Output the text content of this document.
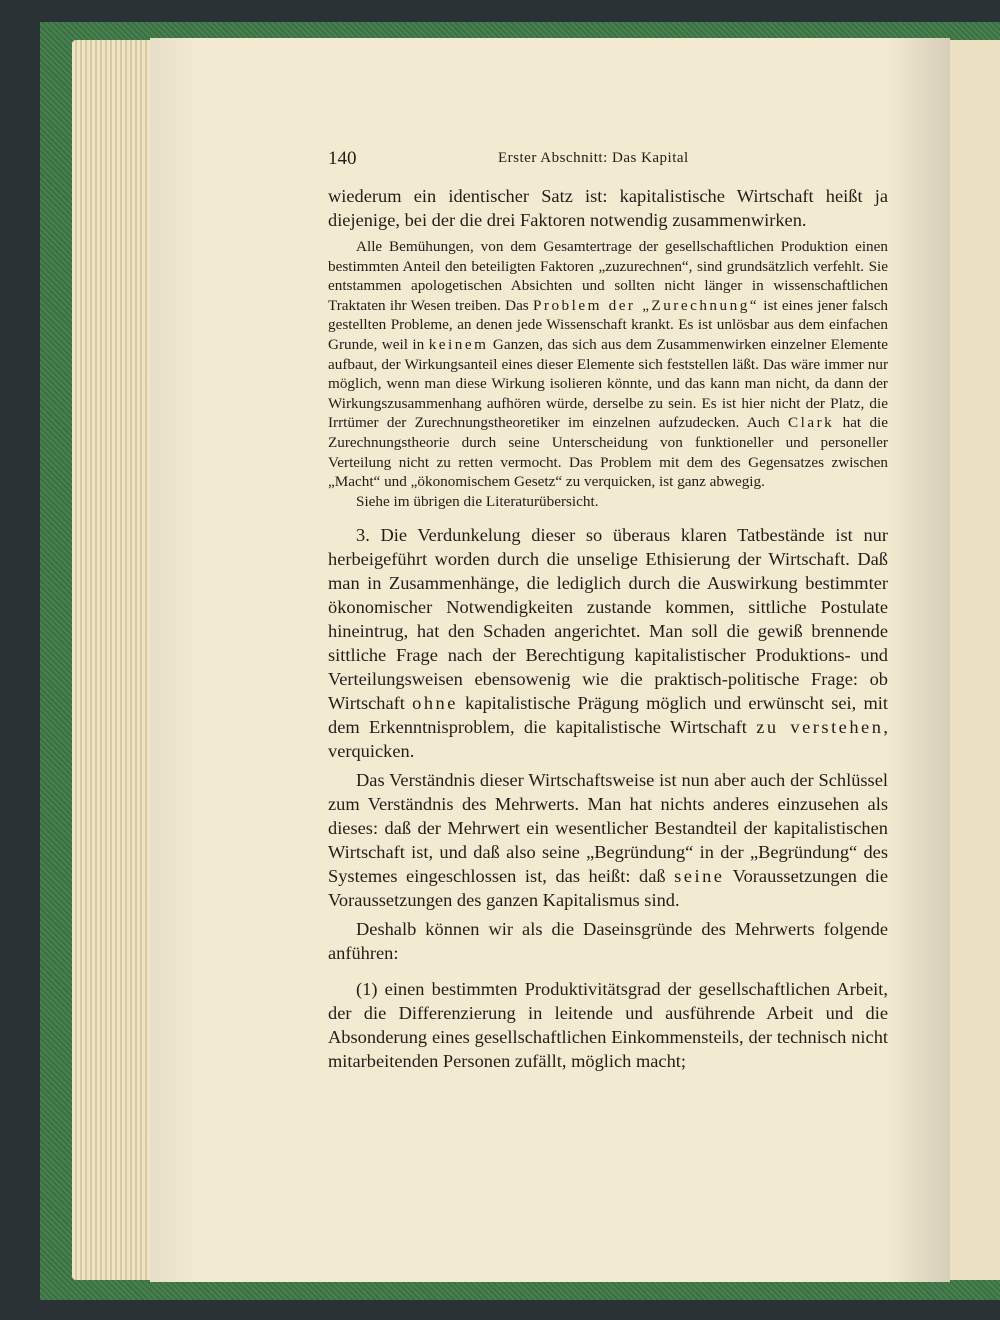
140	Erster Abschnitt: Das Kapital

wiederum ein identischer Satz ist: kapitalistische Wirtschaft heißt ja diejenige, bei der die drei Faktoren notwendig zusammenwirken.

Alle Bemühungen, von dem Gesamtertrage der gesellschaftlichen Produktion einen bestimmten Anteil den beteiligten Faktoren „zuzurechnen“, sind grundsätzlich verfehlt. Sie entstammen apologetischen Absichten und sollten nicht länger in wissenschaftlichen Traktaten ihr Wesen treiben. Das Problem der „Zurechnung“ ist eines jener falsch gestellten Probleme, an denen jede Wissenschaft krankt. Es ist unlösbar aus dem einfachen Grunde, weil in keinem Ganzen, das sich aus dem Zusammenwirken einzelner Elemente aufbaut, der Wirkungsanteil eines dieser Elemente sich feststellen läßt. Das wäre immer nur möglich, wenn man diese Wirkung isolieren könnte, und das kann man nicht, da dann der Wirkungszusammenhang aufhören würde, derselbe zu sein. Es ist hier nicht der Platz, die Irrtümer der Zurechnungstheoretiker im einzelnen aufzudecken. Auch Clark hat die Zurechnungstheorie durch seine Unterscheidung von funktioneller und personeller Verteilung nicht zu retten vermocht. Das Problem mit dem des Gegensatzes zwischen „Macht“ und „ökonomischem Gesetz“ zu verquicken, ist ganz abwegig.

Siehe im übrigen die Literaturübersicht.

3. Die Verdunkelung dieser so überaus klaren Tatbestände ist nur herbeigeführt worden durch die unselige Ethisierung der Wirtschaft. Daß man in Zusammenhänge, die lediglich durch die Auswirkung bestimmter ökonomischer Notwendigkeiten zustande kommen, sittliche Postulate hineintrug, hat den Schaden angerichtet. Man soll die gewiß brennende sittliche Frage nach der Berechtigung kapitalistischer Produktions- und Verteilungsweisen ebensowenig wie die praktisch-politische Frage: ob Wirtschaft ohne kapitalistische Prägung möglich und erwünscht sei, mit dem Erkenntnisproblem, die kapitalistische Wirtschaft zu verstehen, verquicken.

Das Verständnis dieser Wirtschaftsweise ist nun aber auch der Schlüssel zum Verständnis des Mehrwerts. Man hat nichts anderes einzusehen als dieses: daß der Mehrwert ein wesentlicher Bestandteil der kapitalistischen Wirtschaft ist, und daß also seine „Begründung“ in der „Begründung“ des Systemes eingeschlossen ist, das heißt: daß seine Voraussetzungen die Voraussetzungen des ganzen Kapitalismus sind.

Deshalb können wir als die Daseinsgründe des Mehrwerts folgende anführen:

(1) einen bestimmten Produktivitätsgrad der gesellschaftlichen Arbeit, der die Differenzierung in leitende und ausführende Arbeit und die Absonderung eines gesellschaftlichen Einkommensteils, der technisch nicht mitarbeitenden Personen zufällt, möglich macht;
